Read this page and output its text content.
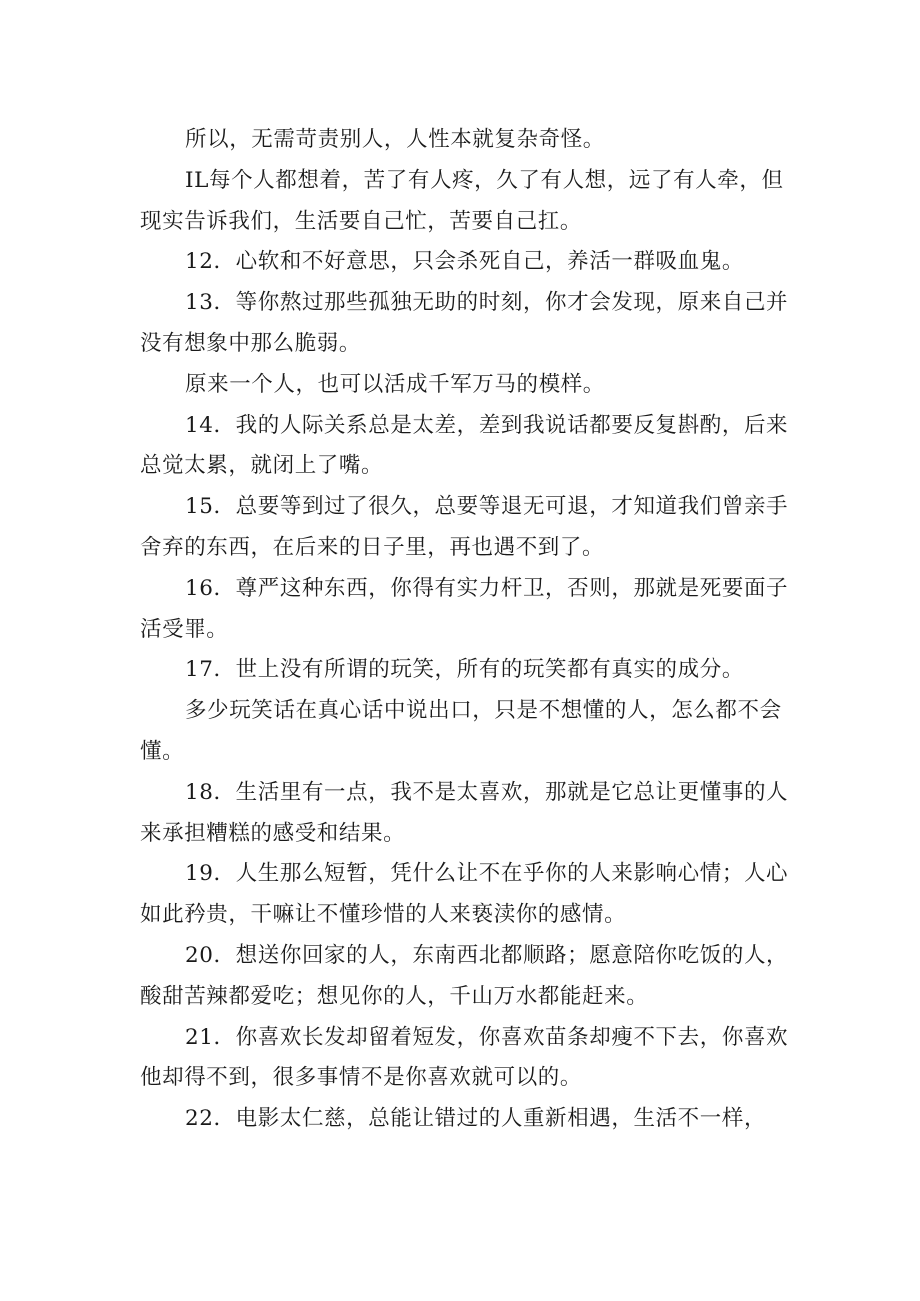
所以，无需苛责别人，人性本就复杂奇怪。

IL每个人都想着，苦了有人疼，久了有人想，远了有人牵，但现实告诉我们，生活要自己忙，苦要自己扛。

12．心软和不好意思，只会杀死自己，养活一群吸血鬼。

13．等你熬过那些孤独无助的时刻，你才会发现，原来自己并没有想象中那么脆弱。

原来一个人，也可以活成千军万马的模样。

14．我的人际关系总是太差，差到我说话都要反复斟酌，后来总觉太累，就闭上了嘴。

15．总要等到过了很久，总要等退无可退，才知道我们曾亲手舍弃的东西，在后来的日子里，再也遇不到了。

16．尊严这种东西，你得有实力杆卫，否则，那就是死要面子活受罪。

17．世上没有所谓的玩笑，所有的玩笑都有真实的成分。

多少玩笑话在真心话中说出口，只是不想懂的人，怎么都不会懂。

18．生活里有一点，我不是太喜欢，那就是它总让更懂事的人来承担糟糕的感受和结果。

19．人生那么短暂，凭什么让不在乎你的人来影响心情；人心如此矜贵，干嘛让不懂珍惜的人来亵渎你的感情。

20．想送你回家的人，东南西北都顺路；愿意陪你吃饭的人，酸甜苦辣都爱吃；想见你的人，千山万水都能赶来。

21．你喜欢长发却留着短发，你喜欢苗条却瘦不下去，你喜欢他却得不到，很多事情不是你喜欢就可以的。

22．电影太仁慈，总能让错过的人重新相遇，生活不一样，
